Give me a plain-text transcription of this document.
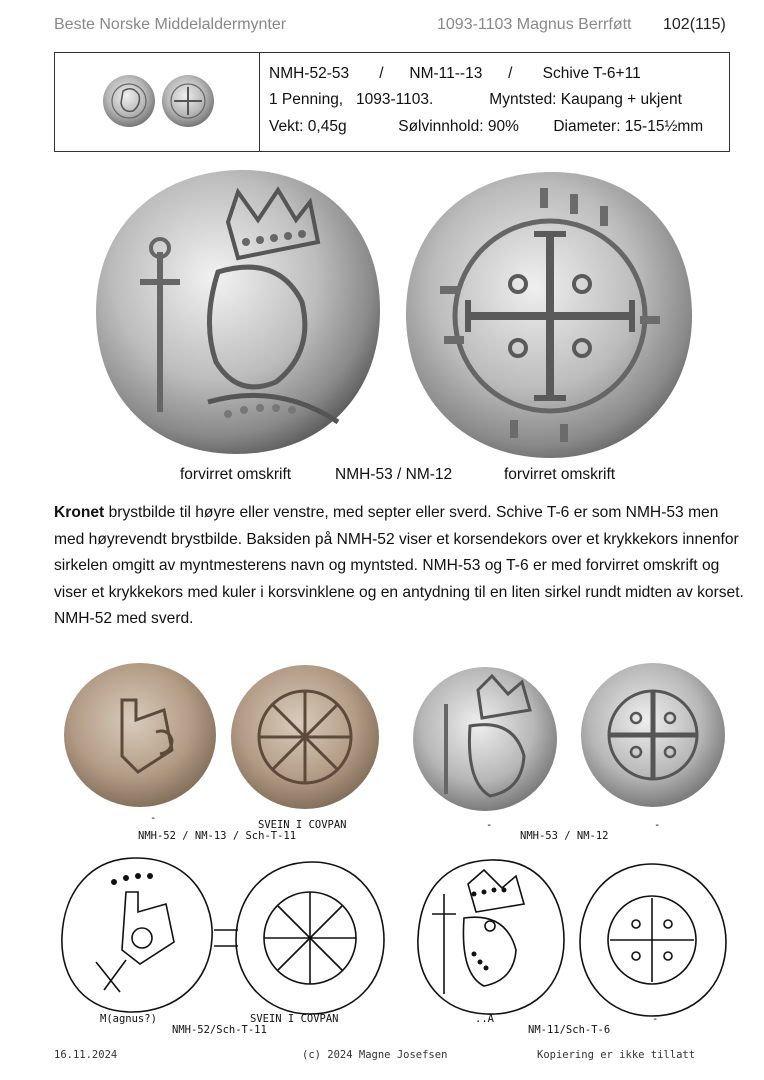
Beste Norske Middelaldermynter	1093-1103 Magnus Berrføtt 102(115)
NMH-52-53       /      NM-11--13      /       Schive T-6+11
1 Penning,   1093-1103.             Myntsted: Kaupang + ukjent
Vekt: 0,45g            Sølvinnhold: 90%        Diameter: 15-15½mm
forvirret omskrift	NMH-53 / NM-12	forvirret omskrift
Kronet brystbilde til høyre eller venstre, med septer eller sverd. Schive T-6 er som NMH-53 men med høyrevendt brystbilde. Baksiden på NMH-52 viser et korsendekors over et krykkekors innenfor sirkelen omgitt av myntmesterens navn og myntsted. NMH-53 og T-6 er med forvirret omskrift og viser et krykkekors med kuler i korsvinklene og en antydning til en liten sirkel rundt midten av korset. NMH-52 med sverd.
-
SVEIN I COVPAN
NMH-52 / NM-13 / Sch-T-11
-	-
NMH-53 / NM-12
M(agnus?)	SVEIN I COVPAN
NMH-52/Sch-T-11
..A	-
NM-11/Sch-T-6
16.11.2024	(c) 2024 Magne Josefsen	Kopiering er ikke tillatt
